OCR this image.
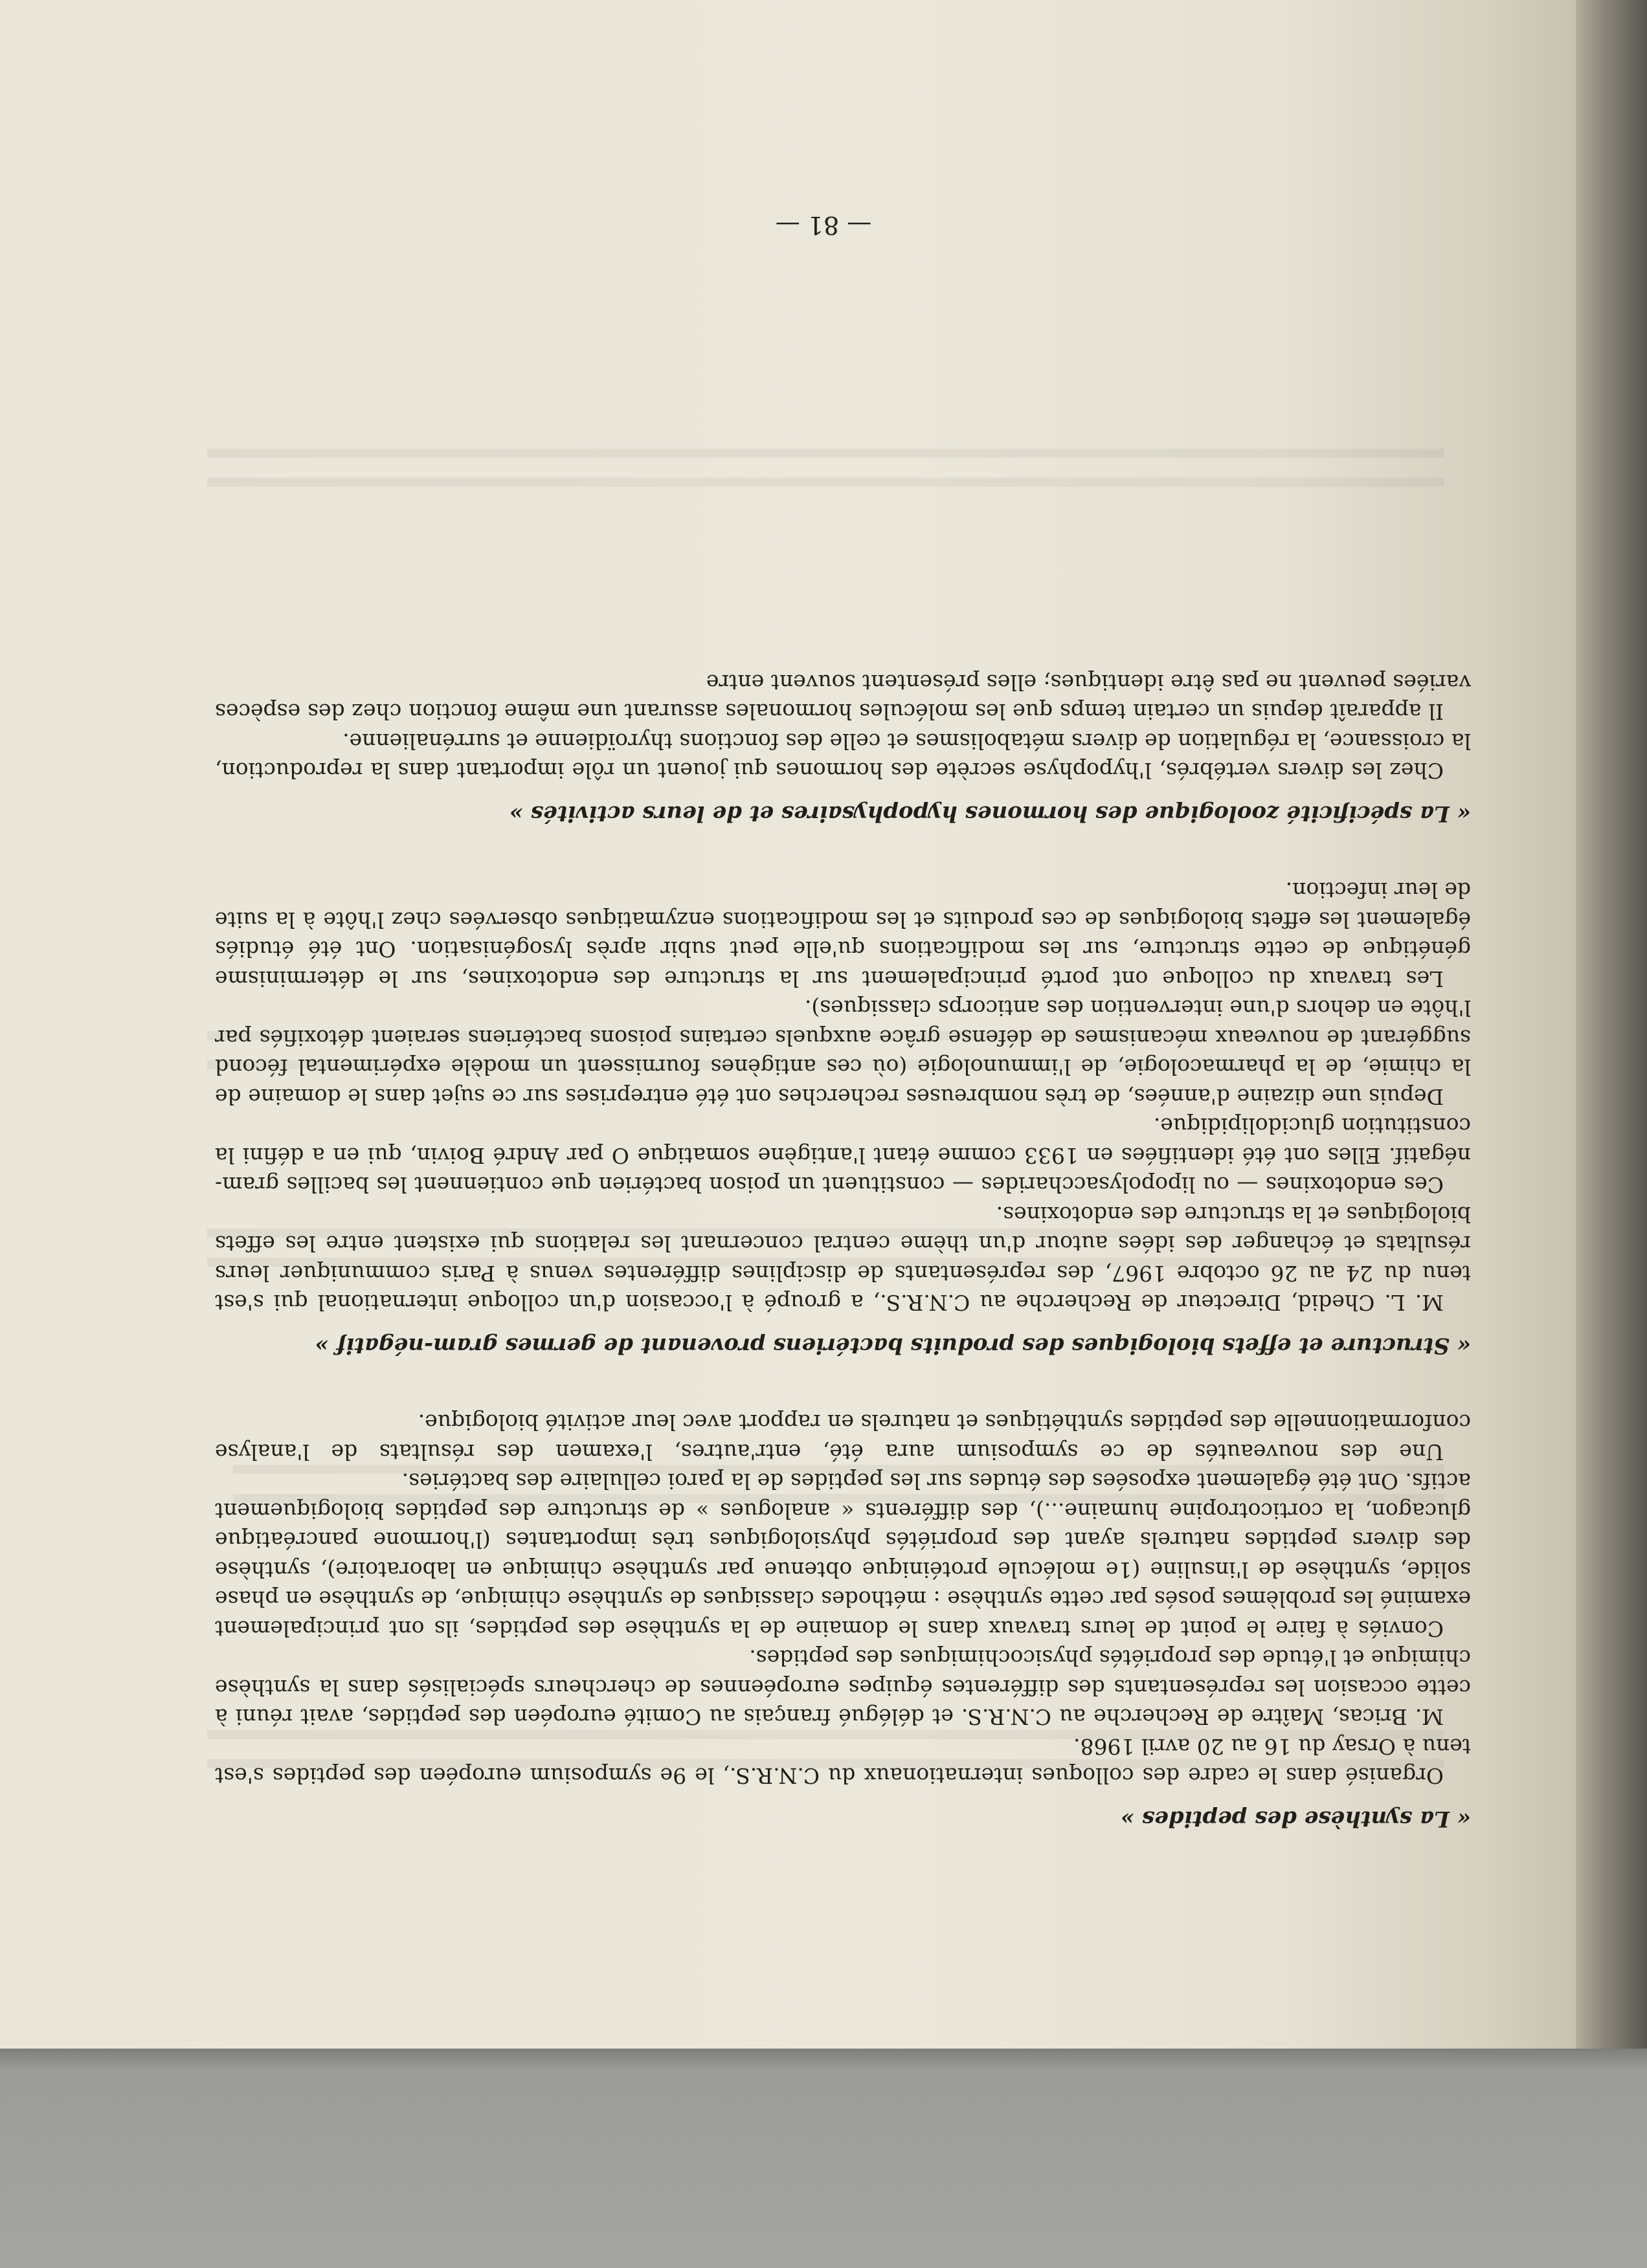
« La synthèse des peptides »

Organisé dans le cadre des colloques internationaux du C.N.R.S., le 9e symposium européen des peptides s'est tenu à Orsay du 16 au 20 avril 1968.

M. Bricas, Maître de Recherche au C.N.R.S. et délégué français au Comité européen des peptides, avait réuni à cette occasion les représentants des différentes équipes européennes de chercheurs spécialisés dans la synthèse chimique et l'étude des propriétés physicochimiques des peptides.

Conviés à faire le point de leurs travaux dans le domaine de la synthèse des peptides, ils ont principalement examiné les problèmes posés par cette synthèse : méthodes classiques de synthèse chimique, de synthèse en phase solide, synthèse de l'insuline (1e molécule protéinique obtenue par synthèse chimique en laboratoire), synthèse des divers peptides naturels ayant des propriétés physiologiques très importantes (l'hormone pancréatique glucagon, la corticotropine humaine...), des différents « analogues » de structure des peptides biologiquement actifs. Ont été également exposées des études sur les peptides de la paroi cellulaire des bactéries.

Une des nouveautés de ce symposium aura été, entr'autres, l'examen des résultats de l'analyse conformationnelle des peptides synthétiques et naturels en rapport avec leur activité biologique.

« Structure et effets biologiques des produits bactériens provenant de germes gram-négatif »

M. L. Chedid, Directeur de Recherche au C.N.R.S., a groupé à l'occasion d'un colloque international qui s'est tenu du 24 au 26 octobre 1967, des représentants de disciplines différentes venus à Paris communiquer leurs résultats et échanger des idées autour d'un thème central concernant les relations qui existent entre les effets biologiques et la structure des endotoxines.

Ces endotoxines — ou lipopolysaccharides — constituent un poison bactérien que contiennent les bacilles gram-négatif. Elles ont été identifiées en 1933 comme étant l'antigène somatique O par André Boivin, qui en a défini la constitution glucidolipidique.

Depuis une dizaine d'années, de très nombreuses recherches ont été entreprises sur ce sujet dans le domaine de la chimie, de la pharmacologie, de l'immunologie (où ces antigènes fournissent un modèle expérimental fécond suggérant de nouveaux mécanismes de défense grâce auxquels certains poisons bactériens seraient détoxifiés par l'hôte en dehors d'une intervention des anticorps classiques).

Les travaux du colloque ont porté principalement sur la structure des endotoxines, sur le déterminisme génétique de cette structure, sur les modifications qu'elle peut subir après lysogénisation. Ont été étudiés également les effets biologiques de ces produits et les modifications enzymatiques observées chez l'hôte à la suite de leur infection.

« La spécificité zoologique des hormones hypophysaires et de leurs activités »

Chez les divers vertébrés, l'hypophyse secrète des hormones qui jouent un rôle important dans la reproduction, la croissance, la régulation de divers métabolismes et celle des fonctions thyroïdienne et surrénalienne.

Il apparaît depuis un certain temps que les molécules hormonales assurant une même fonction chez des espèces variées peuvent ne pas être identiques; elles présentent souvent entre

— 81 —
